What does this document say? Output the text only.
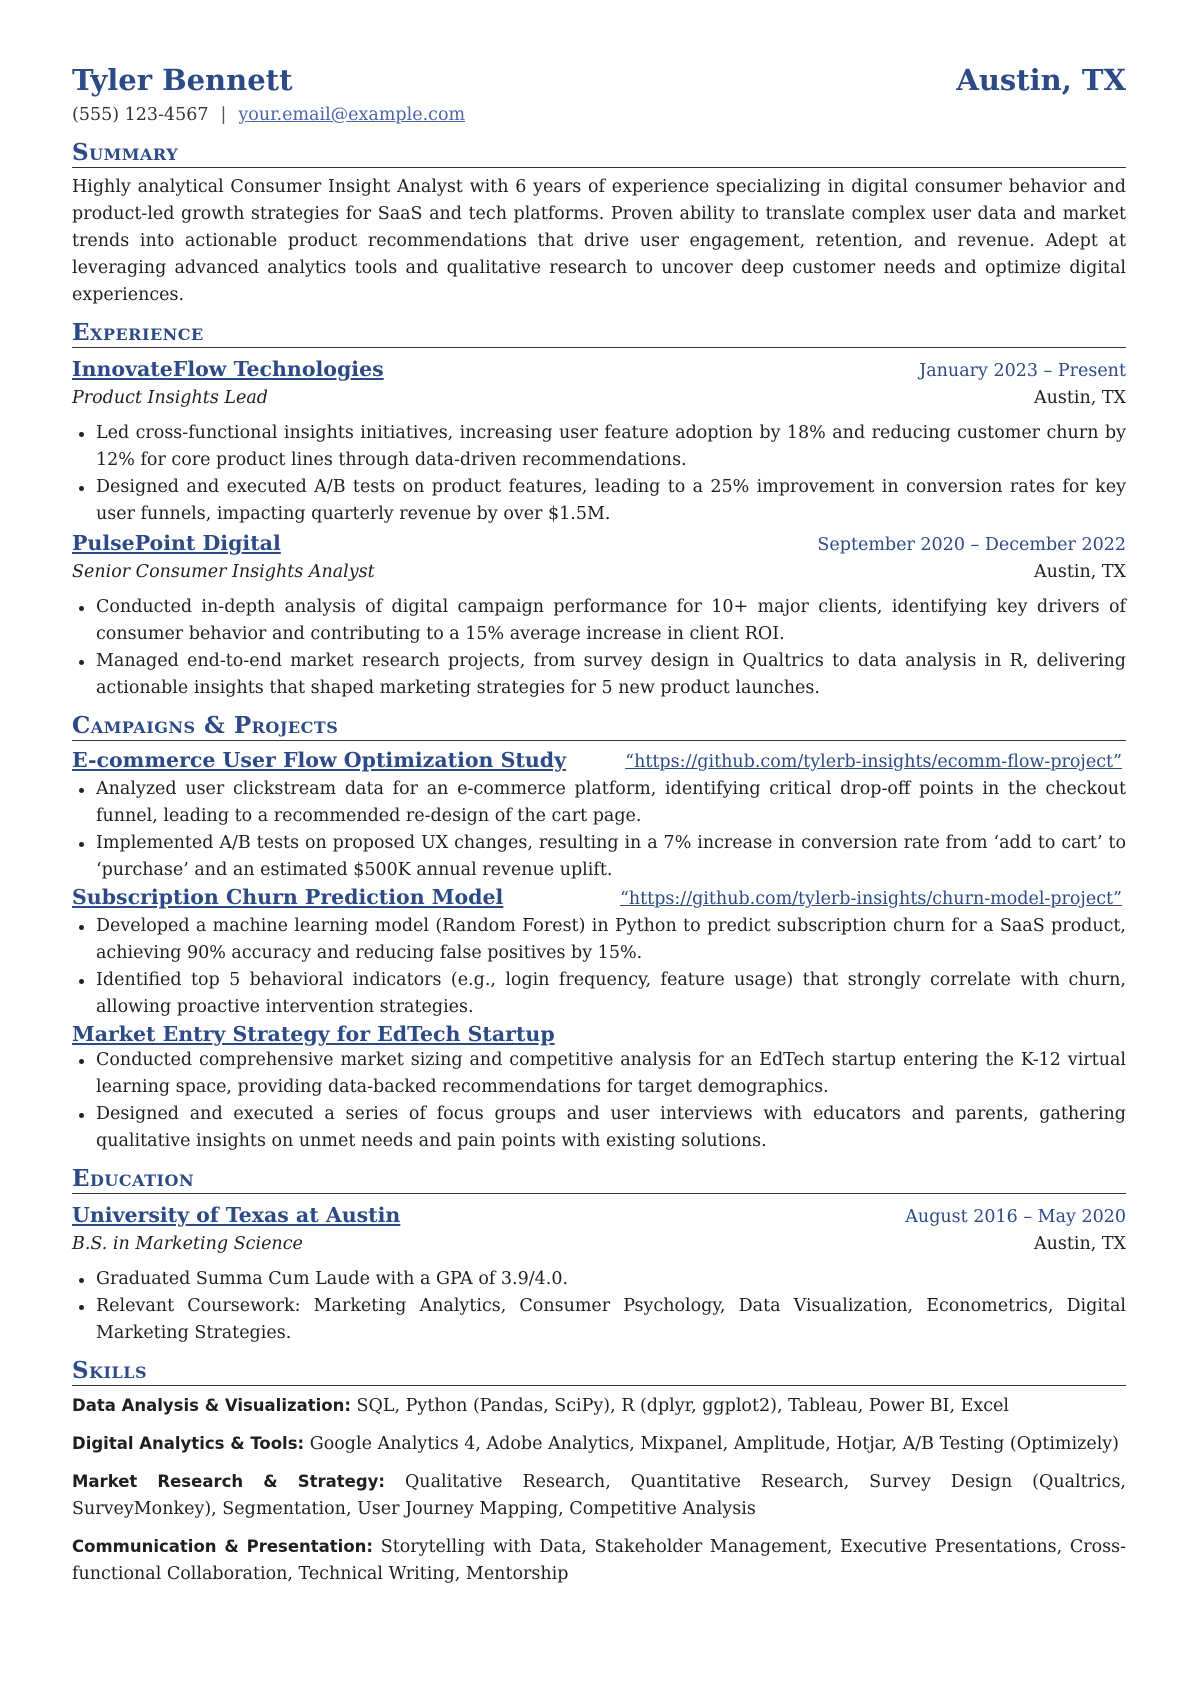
Tyler Bennett	Austin, TX
(555) 123-4567 | your.email@example.com
Summary
Highly analytical Consumer Insight Analyst with 6 years of experience specializing in digital consumer behavior and product-led growth strategies for SaaS and tech platforms. Proven ability to translate complex user data and market trends into actionable product recommendations that drive user engagement, retention, and revenue. Adept at leveraging advanced analytics tools and qualitative research to uncover deep customer needs and optimize digital experiences.
Experience
InnovateFlow Technologies	January 2023 – Present
Product Insights Lead	Austin, TX
Led cross-functional insights initiatives, increasing user feature adoption by 18% and reducing customer churn by 12% for core product lines through data-driven recommendations.
Designed and executed A/B tests on product features, leading to a 25% improvement in conversion rates for key user funnels, impacting quarterly revenue by over $1.5M.
PulsePoint Digital	September 2020 – December 2022
Senior Consumer Insights Analyst	Austin, TX
Conducted in-depth analysis of digital campaign performance for 10+ major clients, identifying key drivers of consumer behavior and contributing to a 15% average increase in client ROI.
Managed end-to-end market research projects, from survey design in Qualtrics to data analysis in R, delivering actionable insights that shaped marketing strategies for 5 new product launches.
Campaigns & Projects
E-commerce User Flow Optimization Study	“https://github.com/tylerb-insights/ecomm-flow-project”
Analyzed user clickstream data for an e-commerce platform, identifying critical drop-off points in the checkout funnel, leading to a recommended re-design of the cart page.
Implemented A/B tests on proposed UX changes, resulting in a 7% increase in conversion rate from ‘add to cart’ to ‘purchase’ and an estimated $500K annual revenue uplift.
Subscription Churn Prediction Model	“https://github.com/tylerb-insights/churn-model-project”
Developed a machine learning model (Random Forest) in Python to predict subscription churn for a SaaS product, achieving 90% accuracy and reducing false positives by 15%.
Identified top 5 behavioral indicators (e.g., login frequency, feature usage) that strongly correlate with churn, allowing proactive intervention strategies.
Market Entry Strategy for EdTech Startup
Conducted comprehensive market sizing and competitive analysis for an EdTech startup entering the K-12 virtual learning space, providing data-backed recommendations for target demographics.
Designed and executed a series of focus groups and user interviews with educators and parents, gathering qualitative insights on unmet needs and pain points with existing solutions.
Education
University of Texas at Austin	August 2016 – May 2020
B.S. in Marketing Science	Austin, TX
Graduated Summa Cum Laude with a GPA of 3.9/4.0.
Relevant Coursework: Marketing Analytics, Consumer Psychology, Data Visualization, Econometrics, Digital Marketing Strategies.
Skills
Data Analysis & Visualization: SQL, Python (Pandas, SciPy), R (dplyr, ggplot2), Tableau, Power BI, Excel
Digital Analytics & Tools: Google Analytics 4, Adobe Analytics, Mixpanel, Amplitude, Hotjar, A/B Testing (Optimizely)
Market Research & Strategy: Qualitative Research, Quantitative Research, Survey Design (Qualtrics, SurveyMonkey), Segmentation, User Journey Mapping, Competitive Analysis
Communication & Presentation: Storytelling with Data, Stakeholder Management, Executive Presentations, Cross-functional Collaboration, Technical Writing, Mentorship
